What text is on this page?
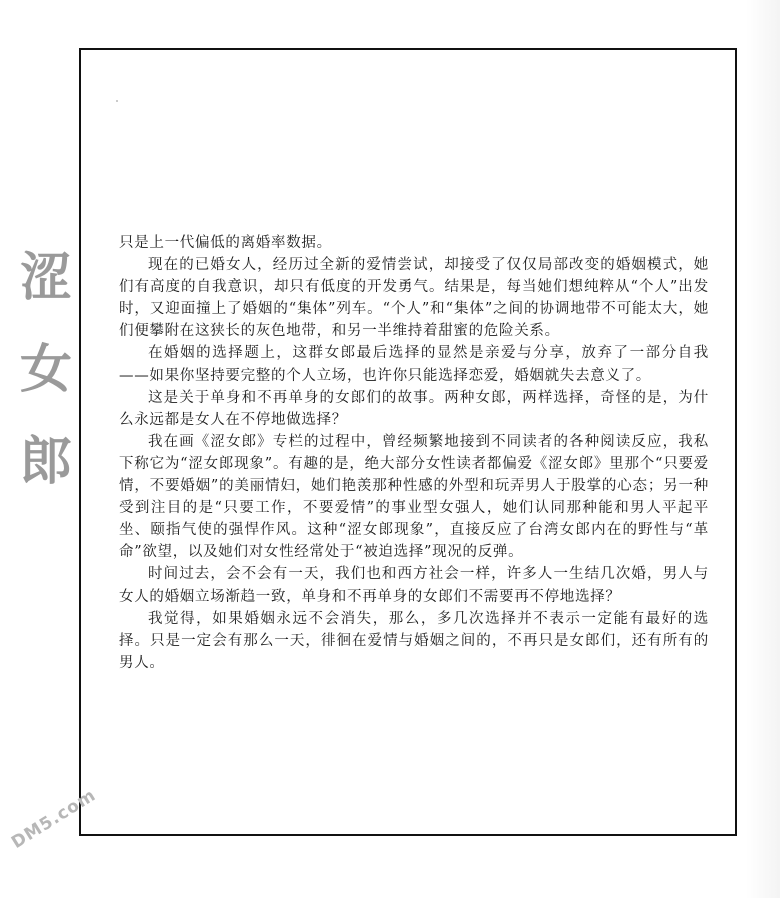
涩
女
郎

只是上一代偏低的离婚率数据。

现在的已婚女人，经历过全新的爱情尝试，却接受了仅仅局部改变的婚姻模式，她们有高度的自我意识，却只有低度的开发勇气。结果是，每当她们想纯粹从“个人”出发时，又迎面撞上了婚姻的“集体”列车。“个人”和“集体”之间的协调地带不可能太大，她们便攀附在这狭长的灰色地带，和另一半维持着甜蜜的危险关系。

在婚姻的选择题上，这群女郎最后选择的显然是亲爱与分享，放弃了一部分自我——如果你坚持要完整的个人立场，也许你只能选择恋爱，婚姻就失去意义了。

这是关于单身和不再单身的女郎们的故事。两种女郎，两样选择，奇怪的是，为什么永远都是女人在不停地做选择？

我在画《涩女郎》专栏的过程中，曾经频繁地接到不同读者的各种阅读反应，我私下称它为“涩女郎现象”。有趣的是，绝大部分女性读者都偏爱《涩女郎》里那个“只要爱情，不要婚姻”的美丽情妇，她们艳羡那种性感的外型和玩弄男人于股掌的心态；另一种受到注目的是“只要工作，不要爱情”的事业型女强人，她们认同那种能和男人平起平坐、颐指气使的强悍作风。这种“涩女郎现象”，直接反应了台湾女郎内在的野性与“革命”欲望，以及她们对女性经常处于“被迫选择”现况的反弹。

时间过去，会不会有一天，我们也和西方社会一样，许多人一生结几次婚，男人与女人的婚姻立场渐趋一致，单身和不再单身的女郎们不需要再不停地选择？

我觉得，如果婚姻永远不会消失，那么，多几次选择并不表示一定能有最好的选择。只是一定会有那么一天，徘徊在爱情与婚姻之间的，不再只是女郎们，还有所有的男人。

DM5.com
